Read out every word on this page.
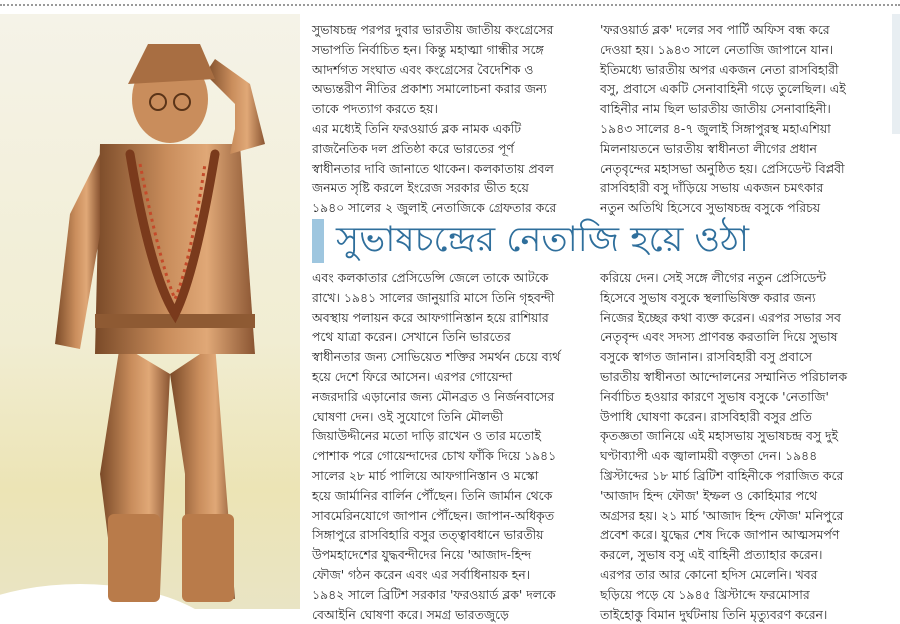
সুভাষচন্দ্র পরপর দুবার ভারতীয় জাতীয় কংগ্রেসের

সভাপতি নির্বাচিত হন। কিন্তু মহাত্মা গান্ধীর সঙ্গে

আদর্শগত সংঘাত এবং কংগ্রেসের বৈদেশিক ও

অভ্যন্তরীণ নীতির প্রকাশ্য সমালোচনা করার জন্য

তাকে পদত্যাগ করতে হয়।

এর মধ্যেই তিনি ফরওয়ার্ড ব্লক নামক একটি

রাজনৈতিক দল প্রতিষ্ঠা করে ভারতের পূর্ণ

স্বাধীনতার দাবি জানাতে থাকেন। কলকাতায় প্রবল

জনমত সৃষ্টি করলে ইংরেজ সরকার ভীত হয়ে

১৯৪০ সালের ২ জুলাই নেতাজিকে গ্রেফতার করে

'ফরওয়ার্ড ব্লক' দলের সব পার্টি অফিস বন্ধ করে

দেওয়া হয়। ১৯৪৩ সালে নেতাজি জাপানে যান।

ইতিমধ্যে ভারতীয় অপর একজন নেতা রাসবিহারী

বসু, প্রবাসে একটি সেনাবাহিনী গড়ে তুলেছিল। এই

বাহিনীর নাম ছিল ভারতীয় জাতীয় সেনাবাহিনী।

১৯৪৩ সালের ৪-৭ জুলাই সিঙ্গাপুরস্থ মহাএশিয়া

মিলনায়তনে ভারতীয় স্বাধীনতা লীগের প্রধান

নেতৃবৃন্দের মহাসভা অনুষ্ঠিত হয়। প্রেসিডেন্ট বিপ্লবী

রাসবিহারী বসু দাঁড়িয়ে সভায় একজন চমৎকার

নতুন অতিথি হিসেবে সুভাষচন্দ্র বসুকে পরিচয়

সুভাষচন্দ্রের নেতাজি হয়ে ওঠা

এবং কলকাতার প্রেসিডেন্সি জেলে তাকে আটকে

রাখে। ১৯৪১ সালের জানুয়ারি মাসে তিনি গৃহবন্দী

অবস্থায় পলায়ন করে আফগানিস্তান হয়ে রাশিয়ার

পথে যাত্রা করেন। সেখানে তিনি ভারতের

স্বাধীনতার জন্য সোভিয়েত শক্তির সমর্থন চেয়ে ব্যর্থ

হয়ে দেশে ফিরে আসেন। এরপর গোয়েন্দা

নজরদারি এড়ানোর জন্য মৌনব্রত ও নির্জনবাসের

ঘোষণা দেন। ওই সুযোগে তিনি মৌলভী

জিয়াউদ্দীনের মতো দাড়ি রাখেন ও তার মতোই

পোশাক পরে গোয়েন্দাদের চোখ ফাঁকি দিয়ে ১৯৪১

সালের ২৮ মার্চ পালিয়ে আফগানিস্তান ও মস্কো

হয়ে জার্মানির বার্লিন পৌঁছেন। তিনি জার্মান থেকে

সাবমেরিনযোগে জাপান পৌঁছেন। জাপান-অধিকৃত

সিঙ্গাপুরে রাসবিহারি বসুর তত্ত্বাবধানে ভারতীয়

উপমহাদেশের যুদ্ধবন্দীদের নিয়ে 'আজাদ-হিন্দ

ফৌজ' গঠন করেন এবং এর সর্বাধিনায়ক হন।

১৯৪২ সালে ব্রিটিশ সরকার 'ফরওয়ার্ড ব্লক' দলকে

বেআইনি ঘোষণা করে। সমগ্র ভারতজুড়ে

করিয়ে দেন। সেই সঙ্গে লীগের নতুন প্রেসিডেন্ট

হিসেবে সুভাষ বসুকে স্থলাভিষিক্ত করার জন্য

নিজের ইচ্ছের কথা ব্যক্ত করেন। এরপর সভার সব

নেতৃবৃন্দ এবং সদস্য প্রাণবন্ত করতালি দিয়ে সুভাষ

বসুকে স্বাগত জানান। রাসবিহারী বসু প্রবাসে

ভারতীয় স্বাধীনতা আন্দোলনের সম্মানিত পরিচালক

নির্বাচিত হওয়ার কারণে সুভাষ বসুকে 'নেতাজি'

উপাধি ঘোষণা করেন। রাসবিহারী বসুর প্রতি

কৃতজ্ঞতা জানিয়ে এই মহাসভায় সুভাষচন্দ্র বসু দুই

ঘণ্টাব্যাপী এক জ্বালাময়ী বক্তৃতা দেন। ১৯৪৪

খ্রিস্টাব্দের ১৮ মার্চ ব্রিটিশ বাহিনীকে পরাজিত করে

'আজাদ হিন্দ ফৌজ' ইম্ফল ও কোহিমার পথে

অগ্রসর হয়। ২১ মার্চ 'আজাদ হিন্দ ফৌজ' মনিপুরে

প্রবেশ করে। যুদ্ধের শেষ দিকে জাপান আত্মসমর্পণ

করলে, সুভাষ বসু এই বাহিনী প্রত্যাহার করেন।

এরপর তার আর কোনো হদিস মেলেনি। খবর

ছড়িয়ে পড়ে যে ১৯৪৫ খ্রিস্টাব্দে ফরমোসার

তাইহোকু বিমান দুর্ঘটনায় তিনি মৃত্যুবরণ করেন।
